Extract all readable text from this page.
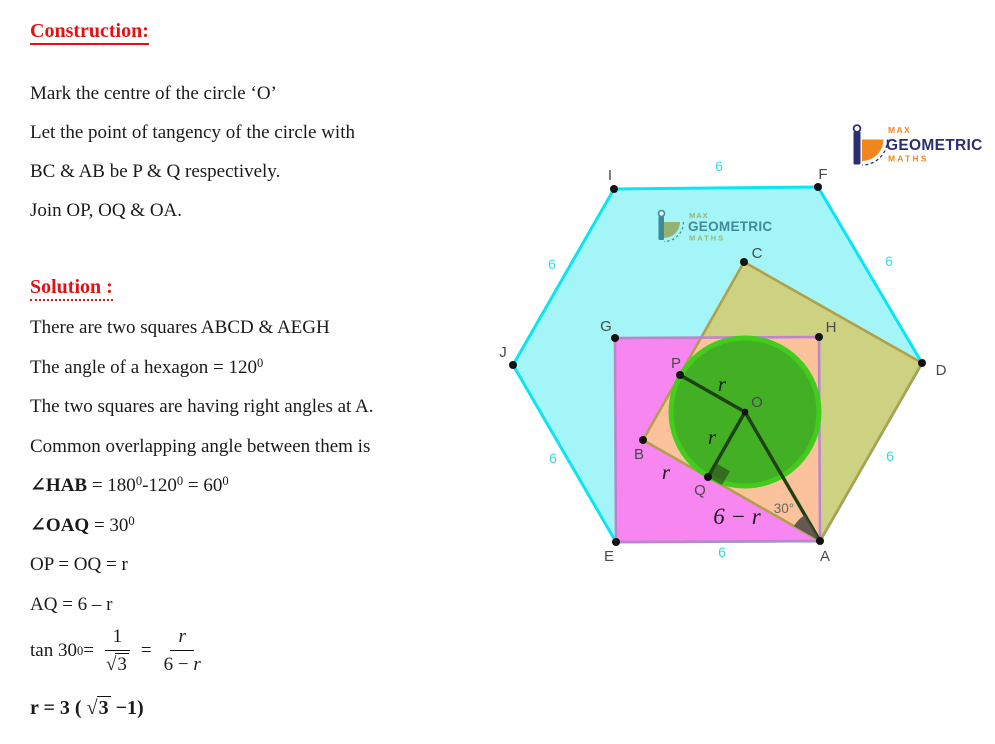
Construction:
Mark the centre of the circle ‘O’
Let the point of tangency of the circle with
BC & AB be P & Q respectively.
Join OP, OQ & OA.
Solution :
There are two squares ABCD & AEGH
The angle of a hexagon = $120^0$
The two squares are having right angles at A.
Common overlapping angle between them is
∠HAB = $180^0-120^0 = 60^0$
∠OAQ = $30^0$
OP = OQ = r
AQ = 6 – r
tan 30 $0 = \frac{1}{√3} = \frac{r}{6 - r}$
r = 3 ( √3 −1)
MAX
GEOMETRIC
MATHS
I	F
D
A
E
J
G	H
C
B
P
Q
O
6
6	6
6	6
6
r
r
r
6 − r 30°
MAX
GEOMETRIC
MATHS
